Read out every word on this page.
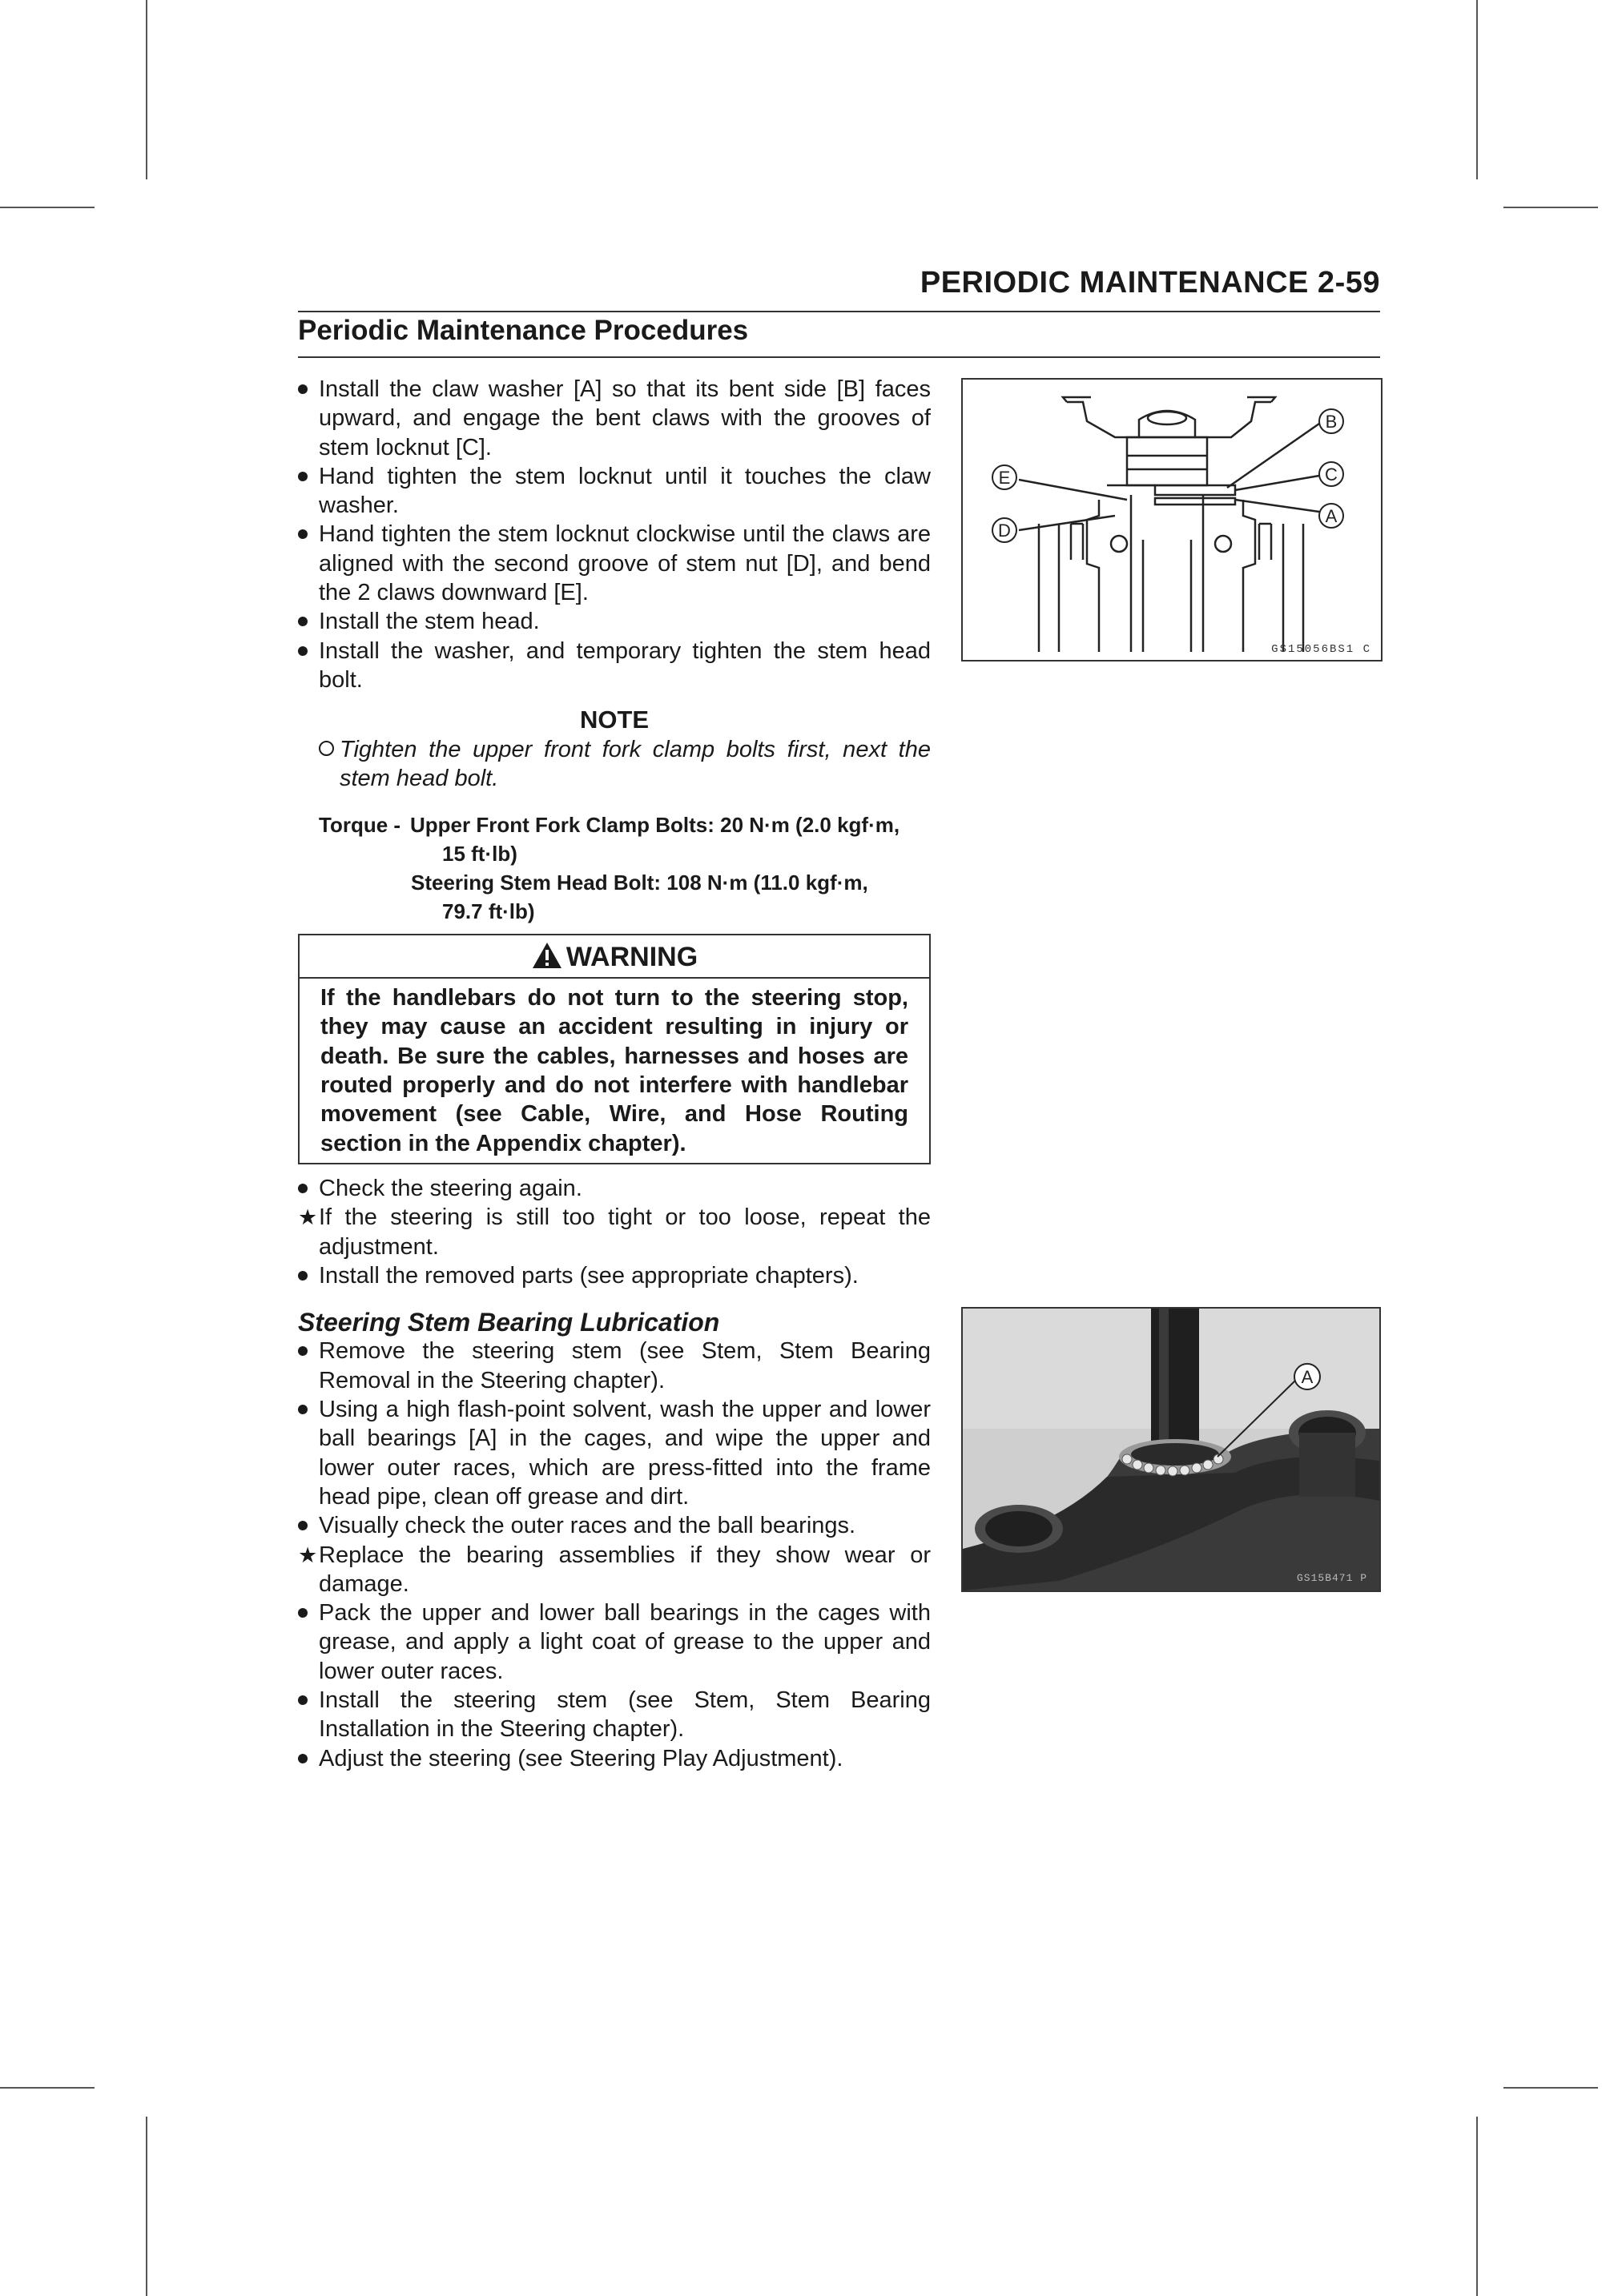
PERIODIC MAINTENANCE 2-59
Periodic Maintenance Procedures

Install the claw washer [A] so that its bent side [B] faces upward, and engage the bent claws with the grooves of stem locknut [C].

Hand tighten the stem locknut until it touches the claw washer.

Hand tighten the stem locknut clockwise until the claws are aligned with the second groove of stem nut [D], and bend the 2 claws downward [E].

Install the stem head.

Install the washer, and temporary tighten the stem head bolt.

NOTE
Tighten the upper front fork clamp bolts first, next the stem head bolt.
Torque - Upper Front Fork Clamp Bolts: 20 N·m (2.0 kgf·m,
15 ft·lb)
Steering Stem Head Bolt: 108 N·m (11.0 kgf·m,
79.7 ft·lb)
WARNING
If the handlebars do not turn to the steering stop, they may cause an accident resulting in injury or death. Be sure the cables, harnesses and hoses are routed properly and do not interfere with handlebar movement (see Cable, Wire, and Hose Routing section in the Appendix chapter).

Check the steering again.

★ If the steering is still too tight or too loose, repeat the adjustment.

Install the removed parts (see appropriate chapters).

Steering Stem Bearing Lubrication

Remove the steering stem (see Stem, Stem Bearing Removal in the Steering chapter).

Using a high flash-point solvent, wash the upper and lower ball bearings [A] in the cages, and wipe the upper and lower outer races, which are press-fitted into the frame head pipe, clean off grease and dirt.

Visually check the outer races and the ball bearings.

★ Replace the bearing assemblies if they show wear or damage.

Pack the upper and lower ball bearings in the cages with grease, and apply a light coat of grease to the upper and lower outer races.

Install the steering stem (see Stem, Stem Bearing Installation in the Steering chapter).

Adjust the steering (see Steering Play Adjustment).

B
C
A
E
D
GS15056BS1 C
A
GS15B471 P
